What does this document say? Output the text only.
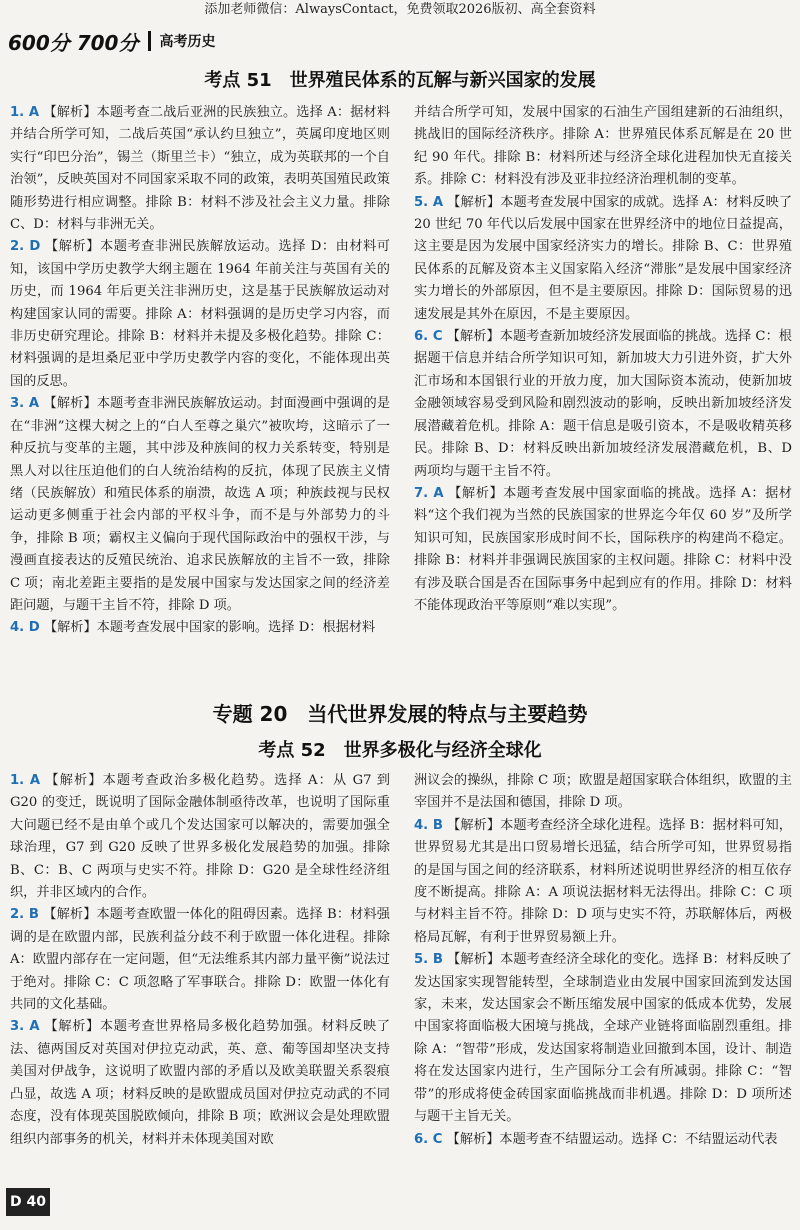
添加老师微信：AlwaysContact，免费领取2026版初、高全套资料
600分 700分	高考历史
考点 51　世界殖民体系的瓦解与新兴国家的发展

1. A 【解析】本题考查二战后亚洲的民族独立。选择 A：据材料并结合所学可知，二战后英国“承认约旦独立”，英属印度地区则实行“印巴分治”，锡兰（斯里兰卡）“独立，成为英联邦的一个自治领”，反映英国对不同国家采取不同的政策，表明英国殖民政策随形势进行相应调整。排除 B：材料不涉及社会主义力量。排除 C、D：材料与非洲无关。

2. D 【解析】本题考查非洲民族解放运动。选择 D：由材料可知，该国中学历史教学大纲主题在 1964 年前关注与英国有关的历史，而 1964 年后更关注非洲历史，这是基于民族解放运动对构建国家认同的需要。排除 A：材料强调的是历史学习内容，而非历史研究理论。排除 B：材料并未提及多极化趋势。排除 C：材料强调的是坦桑尼亚中学历史教学内容的变化，不能体现出英国的反思。

3. A 【解析】本题考查非洲民族解放运动。封面漫画中强调的是在“非洲”这棵大树之上的“白人至尊之巢穴”被吹垮，这暗示了一种反抗与变革的主题，其中涉及种族间的权力关系转变，特别是黑人对以往压迫他们的白人统治结构的反抗，体现了民族主义情绪（民族解放）和殖民体系的崩溃，故选 A 项；种族歧视与民权运动更多侧重于社会内部的平权斗争，而不是与外部势力的斗争，排除 B 项；霸权主义偏向于现代国际政治中的强权干涉，与漫画直接表达的反殖民统治、追求民族解放的主旨不一致，排除 C 项；南北差距主要指的是发展中国家与发达国家之间的经济差距问题，与题干主旨不符，排除 D 项。

4. D 【解析】本题考查发展中国家的影响。选择 D：根据材料

并结合所学可知，发展中国家的石油生产国组建新的石油组织，挑战旧的国际经济秩序。排除 A：世界殖民体系瓦解是在 20 世纪 90 年代。排除 B：材料所述与经济全球化进程加快无直接关系。排除 C：材料没有涉及亚非拉经济治理机制的变革。

5. A 【解析】本题考查发展中国家的成就。选择 A：材料反映了 20 世纪 70 年代以后发展中国家在世界经济中的地位日益提高，这主要是因为发展中国家经济实力的增长。排除 B、C：世界殖民体系的瓦解及资本主义国家陷入经济“滞胀”是发展中国家经济实力增长的外部原因，但不是主要原因。排除 D：国际贸易的迅速发展是其外在原因，不是主要原因。

6. C 【解析】本题考查新加坡经济发展面临的挑战。选择 C：根据题干信息并结合所学知识可知，新加坡大力引进外资，扩大外汇市场和本国银行业的开放力度，加大国际资本流动，使新加坡金融领域容易受到风险和剧烈波动的影响，反映出新加坡经济发展潜藏着危机。排除 A：题干信息是吸引资本，不是吸收精英移民。排除 B、D：材料反映出新加坡经济发展潜藏危机，B、D 两项均与题干主旨不符。

7. A 【解析】本题考查发展中国家面临的挑战。选择 A：据材料“这个我们视为当然的民族国家的世界迄今年仅 60 岁”及所学知识可知，民族国家形成时间不长，国际秩序的构建尚不稳定。排除 B：材料并非强调民族国家的主权问题。排除 C：材料中没有涉及联合国是否在国际事务中起到应有的作用。排除 D：材料不能体现政治平等原则“难以实现”。

专题 20　当代世界发展的特点与主要趋势
考点 52　世界多极化与经济全球化

1. A 【解析】本题考查政治多极化趋势。选择 A：从 G7 到 G20 的变迁，既说明了国际金融体制亟待改革，也说明了国际重大问题已经不是由单个或几个发达国家可以解决的，需要加强全球治理，G7 到 G20 反映了世界多极化发展趋势的加强。排除 B、C：B、C 两项与史实不符。排除 D：G20 是全球性经济组织，并非区域内的合作。

2. B 【解析】本题考查欧盟一体化的阻碍因素。选择 B：材料强调的是在欧盟内部，民族利益分歧不利于欧盟一体化进程。排除 A：欧盟内部存在一定问题，但“无法维系其内部力量平衡”说法过于绝对。排除 C：C 项忽略了军事联合。排除 D：欧盟一体化有共同的文化基础。

3. A 【解析】本题考查世界格局多极化趋势加强。材料反映了法、德两国反对英国对伊拉克动武，英、意、葡等国却坚决支持美国对伊战争，这说明了欧盟内部的矛盾以及欧美联盟关系裂痕凸显，故选 A 项；材料反映的是欧盟成员国对伊拉克动武的不同态度，没有体现英国脱欧倾向，排除 B 项；欧洲议会是处理欧盟组织内部事务的机关，材料并未体现美国对欧

洲议会的操纵，排除 C 项；欧盟是超国家联合体组织，欧盟的主宰国并不是法国和德国，排除 D 项。

4. B 【解析】本题考查经济全球化进程。选择 B：据材料可知，世界贸易尤其是出口贸易增长迅猛，结合所学可知，世界贸易指的是国与国之间的经济联系，材料所述说明世界经济的相互依存度不断提高。排除 A：A 项说法据材料无法得出。排除 C：C 项与材料主旨不符。排除 D：D 项与史实不符，苏联解体后，两极格局瓦解，有利于世界贸易额上升。

5. B 【解析】本题考查经济全球化的变化。选择 B：材料反映了发达国家实现智能转型，全球制造业由发展中国家回流到发达国家，未来，发达国家会不断压缩发展中国家的低成本优势，发展中国家将面临极大困境与挑战，全球产业链将面临剧烈重组。排除 A：“智带”形成，发达国家将制造业回撤到本国，设计、制造将在发达国家内进行，生产国际分工会有所减弱。排除 C：“智带”的形成将使金砖国家面临挑战而非机遇。排除 D：D 项所述与题干主旨无关。

6. C 【解析】本题考查不结盟运动。选择 C：不结盟运动代表

D 40
